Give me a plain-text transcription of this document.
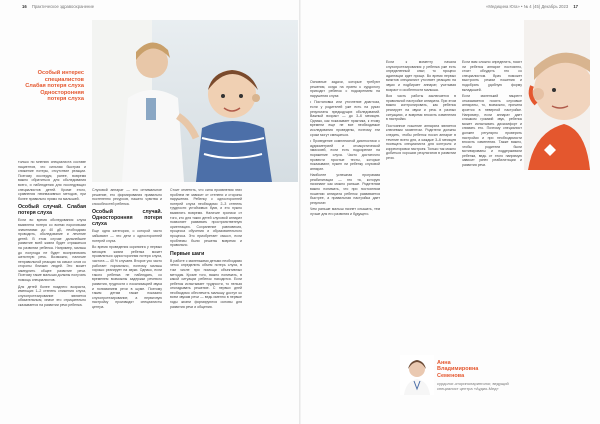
16 Практическое здравоохранение	«Медицина Юга» • № 4 (45) Декабрь 2023 17
Особый интерес
специалистов
Слабая потеря слуха
Односторонняя
потеря слуха

только по мнению специалиста составе пациентов, что сильная быстрая и снижение потеры, отсутствие реакции. Поэтому исследуя, ранее, вовремя важно обратиться для обследования всего, и наблюдения для последующих специалистов детей. Кроме этого, сравнения неинвазивных методов, при более правильно прямо на малышей.

Особый случай. Слабая потеря слуха

Если во время обследования слуха выявлена потеря со всеми пороговыми значениями до 40 дБ, необходимо проводить, обследование и лечение детей. В этом случае дальнейшее развитие всей жизни будет отражаться на развитии ребенка. Например, малыш до полугода не будет воспринимать шепотную речь. Возможно, наличие неправильной реакции на смысл слов со стороны близких людей. Это может замедлить общее развитие речи. Поэтому такие малыши должны получать помощь специалистов.

Для детей более позднего возраста, имеющих 1–2 степень снижения слуха, слухопротезирование является обязательным, иначе это отрицательно сказывается на развитии речи ребенка.

Слуховой аппарат — это оптимальное решение, его формирования правильно постепенно ресурсов, нашего чувства и способностей ребенка.

Особый случай. Односторонняя потеря слуха

Еще одна категория, о которой часто забывают — это дети с односторонней потерей слуха.

Во время проведения скрининга у первых месяцев жизни ребенка может проявляться односторонняя потеря слуха, частота — 40 % случаев. Второе ухо часто работает нормально, поэтому малыш хорошо реагирует на звуки. Однако, если такого ребенка не наблюдать, со временем возможны задержки речевого развития, трудности с локализацией звука и пониманием речи в шуме. Поэтому таким детям также показано слухопротезирование, а первичную настройку производят специалисты центра.

Стоит отметить, что сила проявления этих проблем не зависит от степени и стороны нарушения. Ребенку с односторонней потерей слуха необходимо 2–3 степень трудности устойчивых букв, и это нужно выявлять вовремя. Наличие хроники от того, кто для таких детей слуховой аппарат позволяет развивать пространственную ориентацию. Сохранение равновесия, процесса обучения и образовательного процесса. Это приобретает смысл, если проблемы были решены вовремя и правильно.

Первые шаги

В работе с маленькими детьми необходимо четко определить объем потерь слуха, в том числе при помощи объективных методик. Кроме того, важно понимать, в какой ситуации ребенок находится. Если ребенок испытывает трудности, то нельзя откладывать решение. С первых дней необходимо обеспечить малышу доступ ко всем звукам речи — ведь именно в первые годы жизни формируются основы для развития речи и общения.

Основные задачи, которые требуют решения, когда на прием к сурдологу приходит ребенок с подозрением на нарушения слуха:

• Постановка или уточнение диагноза, если у родителей уже есть на руках результаты предыдущих обследований. Важный возраст — до 3–6 месяцев. Однако, как показывает практика, к этому времени еще не все необходимые исследования проведены, поэтому эти сроки могут смещаться.

• Проведение комплексной диагностики с аудиометрией и отоакустической эмиссией, если есть подозрение на поражение слуха. Часто достаточно провести простые тесты, которые показывают, нужен ли ребенку слуховой аппарат.

Наиболее успешная программа реабилитации — это та, которую начинают как можно раньше. Родителям важно понимать, что при постоянном ношении аппарата ребенок развивается быстрее, а правильная настройка дает результат.

Чем раньше малыш начнет слышать, тем лучше для его развития и будущего.

Если к моменту начала слухопротезирования у ребенка уже есть определенный опыт, то процесс адаптации идет проще. Во время первых визитов специалист уточняет реакцию на звуки и подбирает аппарат, учитывая возраст и особенности малыша.

Вся часть работы заключается в правильной настройке аппарата. При этом важно контролировать, как ребенок реагирует на звуки и речь в разных ситуациях, и вовремя вносить изменения в настройки.

Постоянное ношение аппарата является ключевым моментом. Родители должны следить, чтобы ребенок носил аппарат в течение всего дня, а каждые 3–6 месяцев посещать специалиста для контроля и корректировки настроек. Только так можно добиться хороших результатов в развитии речи.

Если вам сложно определить, носит ли ребенок аппарат постоянно, стоит обсудить это со специалистом. Врач поможет выстроить режим ношения и подобрать удобную форму вкладышей.

Если маленький пациент отказывается носить слуховые аппараты, то, возможно, причина кроется в неверной настройке. Например, если аппарат дает слишком громкий звук, ребенок может испытывать дискомфорт и снимать его. Поэтому специалист должен регулярно проверять настройки и при необходимости вносить изменения. Также важно, чтобы родители были мотивированы и поддерживали ребенка, ведь от этого напрямую зависит успех реабилитации и развития речи.

Анна
Владимировна
Семенова
сурдолог-оториноларинголог, ведущий специалист центра «Аудио-Мед»
